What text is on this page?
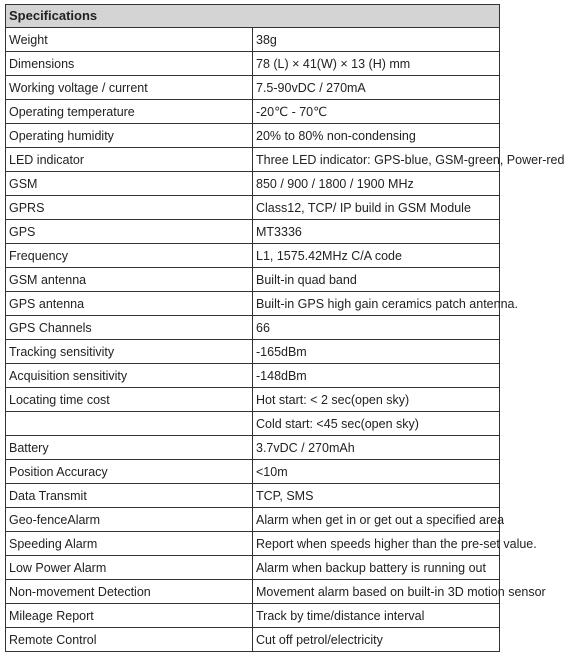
Specifications	
Weight	38g
Dimensions	78 (L) × 41(W) × 13 (H) mm
Working voltage / current	7.5-90vDC / 270mA
Operating temperature	-20℃ - 70℃
Operating humidity	20% to 80% non-condensing
LED indicator	Three LED indicator: GPS-blue, GSM-green, Power-red
GSM	850 / 900 / 1800 / 1900 MHz
GPRS	Class12, TCP/ IP build in GSM Module
GPS	MT3336
Frequency	L1, 1575.42MHz C/A code
GSM antenna	Built-in quad band
GPS antenna	Built-in GPS high gain ceramics patch antenna.
GPS Channels	66
Tracking sensitivity	-165dBm
Acquisition sensitivity	-148dBm
Locating time cost	Hot start: < 2 sec(open sky)
	Cold start: <45 sec(open sky)
Battery	3.7vDC / 270mAh
Position Accuracy	<10m
Data Transmit	TCP, SMS
Geo-fenceAlarm	Alarm when get in or get out a specified area
Speeding Alarm	Report when speeds higher than the pre-set value.
Low Power Alarm	Alarm when backup battery is running out
Non-movement Detection	Movement alarm based on built-in 3D motion sensor
Mileage Report	Track by time/distance interval
Remote Control	Cut off petrol/electricity
